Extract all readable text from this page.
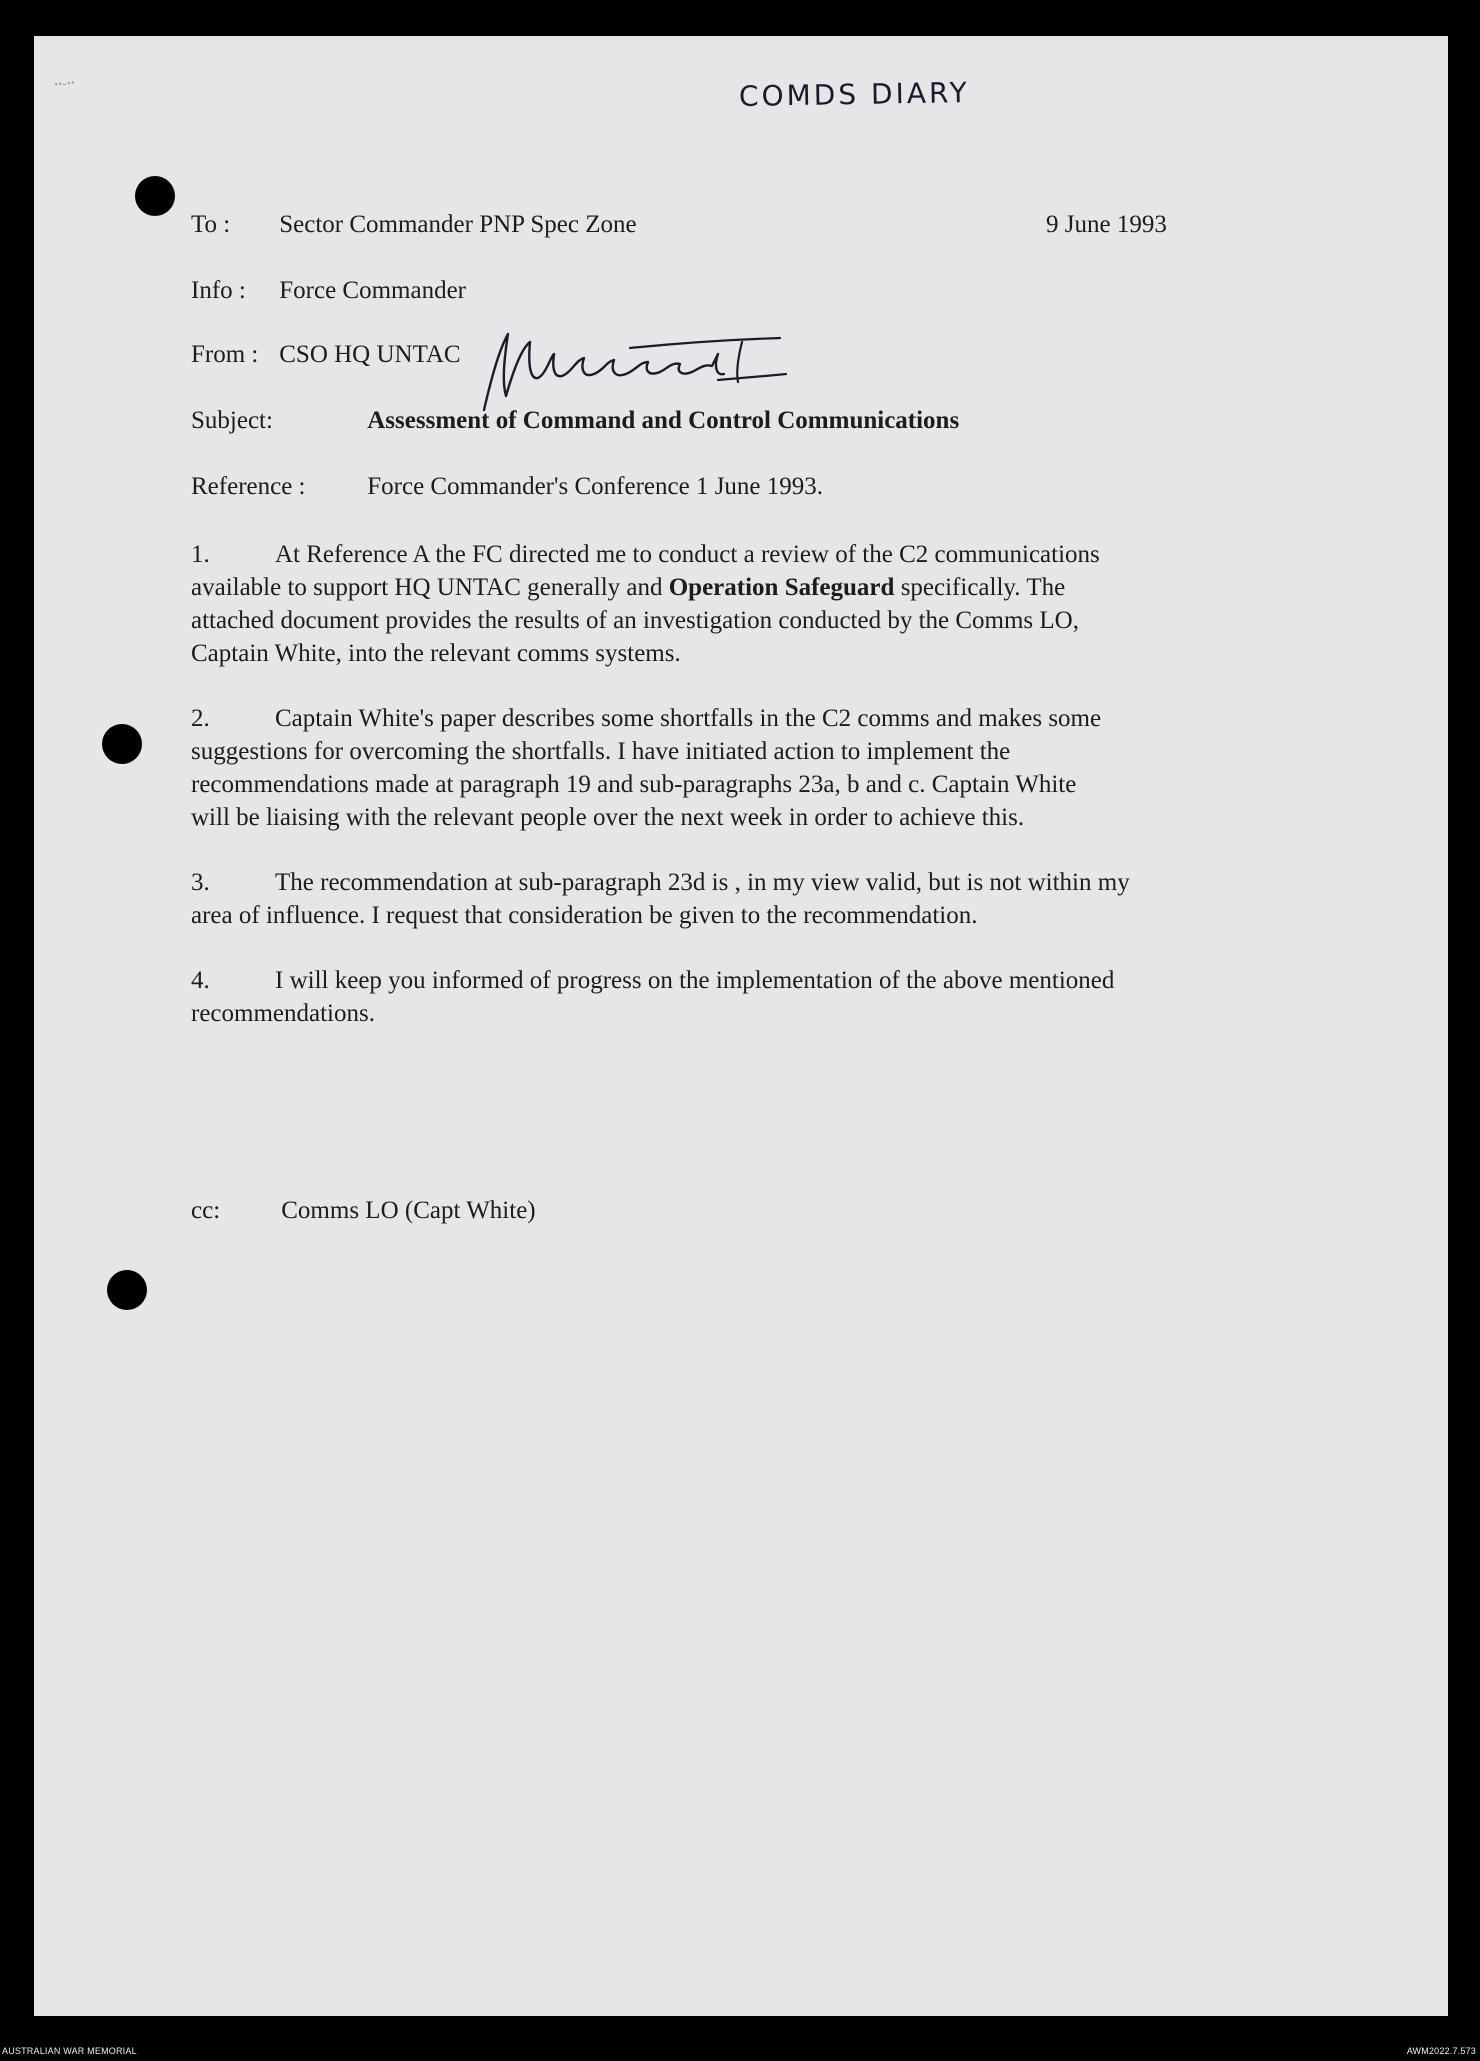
ꞏꞏ-ꞏꞏ	COMDS DIARY
To : Sector Commander PNP Spec Zone	9 June 1993
Info : Force Commander
From : CSO HQ UNTAC
Subject:	Assessment of Command and Control Communications
Reference : Force Commander's Conference 1 June 1993.
1.	At Reference A the FC directed me to conduct a review of the C2 communications
available to support HQ UNTAC generally and Operation Safeguard specifically. The
attached document provides the results of an investigation conducted by the Comms LO,
Captain White, into the relevant comms systems.
2.	Captain White's paper describes some shortfalls in the C2 comms and makes some
suggestions for overcoming the shortfalls. I have initiated action to implement the
recommendations made at paragraph 19 and sub-paragraphs 23a, b and c. Captain White
will be liaising with the relevant people over the next week in order to achieve this.
3.	The recommendation at sub-paragraph 23d is , in my view valid, but is not within my
area of influence. I request that consideration be given to the recommendation.
4.	I will keep you informed of progress on the implementation of the above mentioned
recommendations.
cc: Comms LO (Capt White)
AUSTRALIAN WAR MEMORIAL	AWM2022.7.573
